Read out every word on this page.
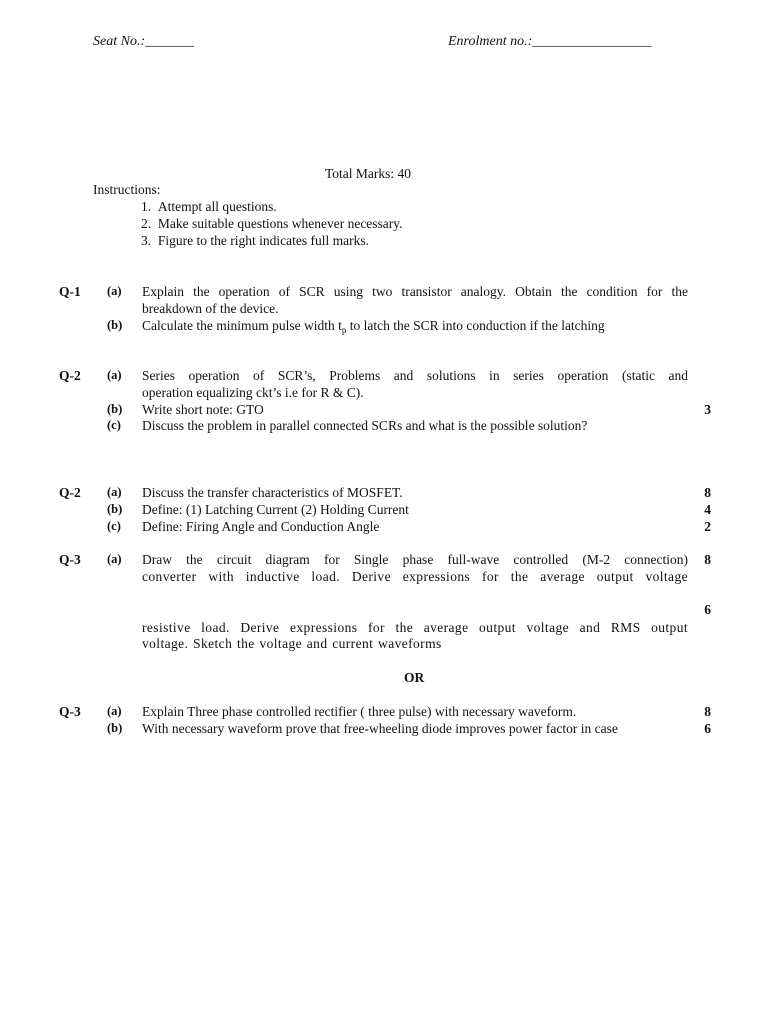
Seat No.:_______	Enrolment no.:_________________
Total Marks: 40
Instructions:
1.  Attempt all questions.
2.  Make suitable questions whenever necessary.
3.  Figure to the right indicates full marks.
Q-1 (a) Explain the operation of SCR using two transistor analogy. Obtain the condition for the
breakdown of the device.
(b) Calculate the minimum pulse width $t_p$ to latch the SCR into conduction if the latching
Q-2 (a) Series operation of SCR’s, Problems and solutions in series operation (static and
operation equalizing ckt’s i.e for R & C).
(b) Write short note: GTO	3
(c) Discuss the problem in parallel connected SCRs and what is the possible solution?
Q-2 (a) Discuss the transfer characteristics of MOSFET.	8
(b) Define: (1) Latching Current (2) Holding Current	4
(c) Define: Firing Angle and Conduction Angle	2
Q-3 (a) Draw the circuit diagram for Single phase full-wave controlled (M-2 connection) 8
converter with inductive load. Derive expressions for the average output voltage
6
resistive load. Derive expressions for the average output voltage and RMS output
voltage. Sketch the voltage and current waveforms
OR
Q-3 (a) Explain Three phase controlled rectifier ( three pulse) with necessary waveform.	8
(b) With necessary waveform prove that free-wheeling diode improves power factor in case	6
